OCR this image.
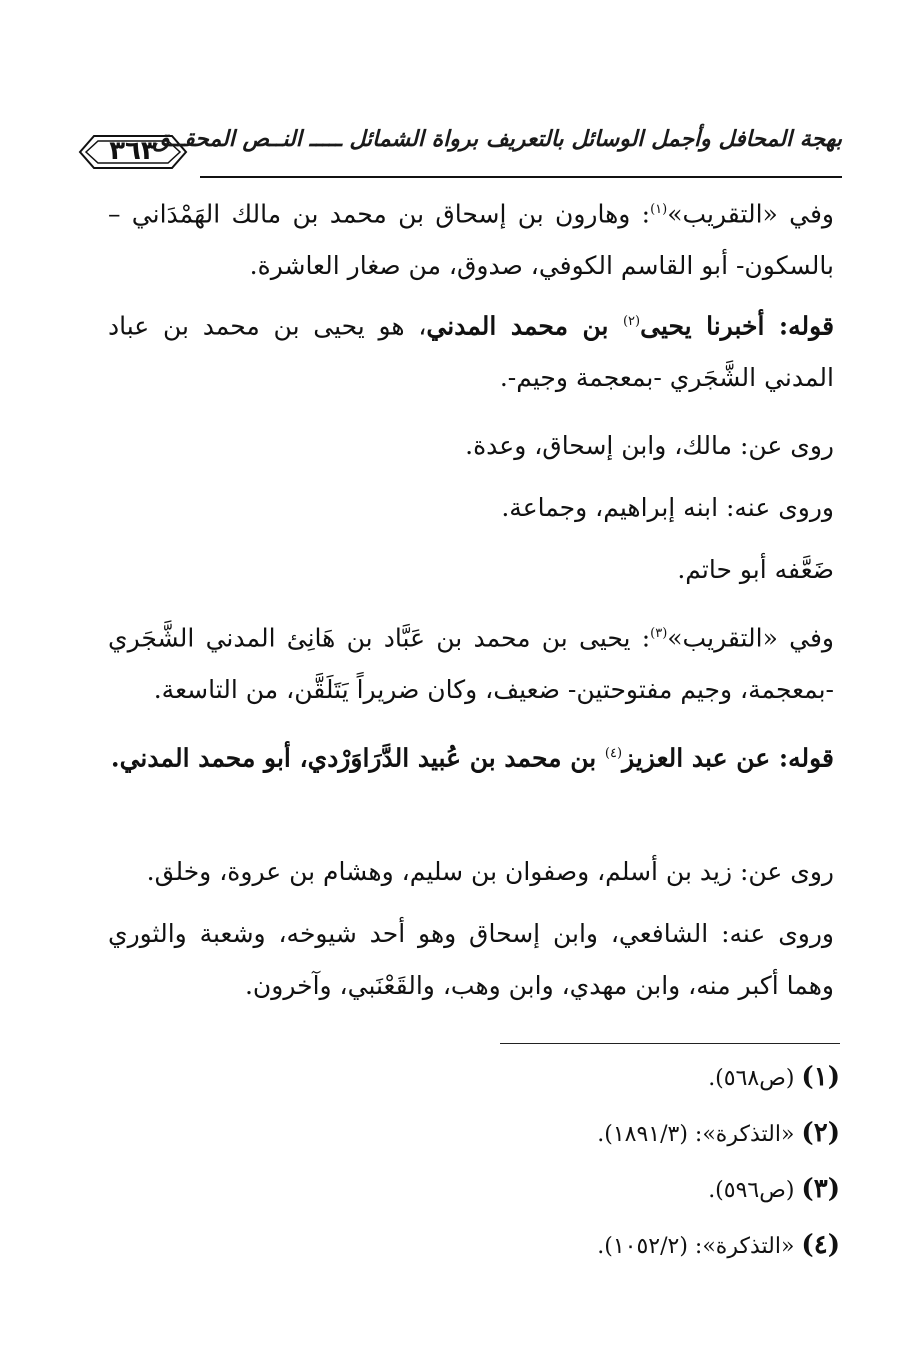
٣٦٣
بهجة المحافل وأجمل الوسائل بالتعريف برواة الشمائل ـــــ النــص المحقــق

وفي «التقريب»$^{(١)}$: وهارون بن إسحاق بن محمد بن مالك الهَمْدَاني – بالسكون- أبو القاسم الكوفي، صدوق، من صغار العاشرة.

قوله: أخبرنا يحيى$^{(٢)}$ بن محمد المدني، هو يحيى بن محمد بن عباد المدني الشَّجَري -بمعجمة وجيم-.

روى عن: مالك، وابن إسحاق، وعدة.

وروى عنه: ابنه إبراهيم، وجماعة.

ضَعَّفه أبو حاتم.

وفي «التقريب»$^{(٣)}$: يحيى بن محمد بن عَبَّاد بن هَانِئ المدني الشَّجَري -بمعجمة، وجيم مفتوحتين- ضعيف، وكان ضريراً يَتَلَقَّن، من التاسعة.

قوله: عن عبد العزيز$^{(٤)}$ بن محمد بن عُبيد الدَّرَاوَرْدي، أبو محمد المدني.

روى عن: زيد بن أسلم، وصفوان بن سليم، وهشام بن عروة، وخلق.

وروى عنه: الشافعي، وابن إسحاق وهو أحد شيوخه، وشعبة والثوري وهما أكبر منه، وابن مهدي، وابن وهب، والقَعْنَبي، وآخرون.

(١) (ص٥٦٨).

(٢) «التذكرة»: (١٨٩١/٣).

(٣) (ص٥٩٦).

(٤) «التذكرة»: (١٠٥٢/٢).
